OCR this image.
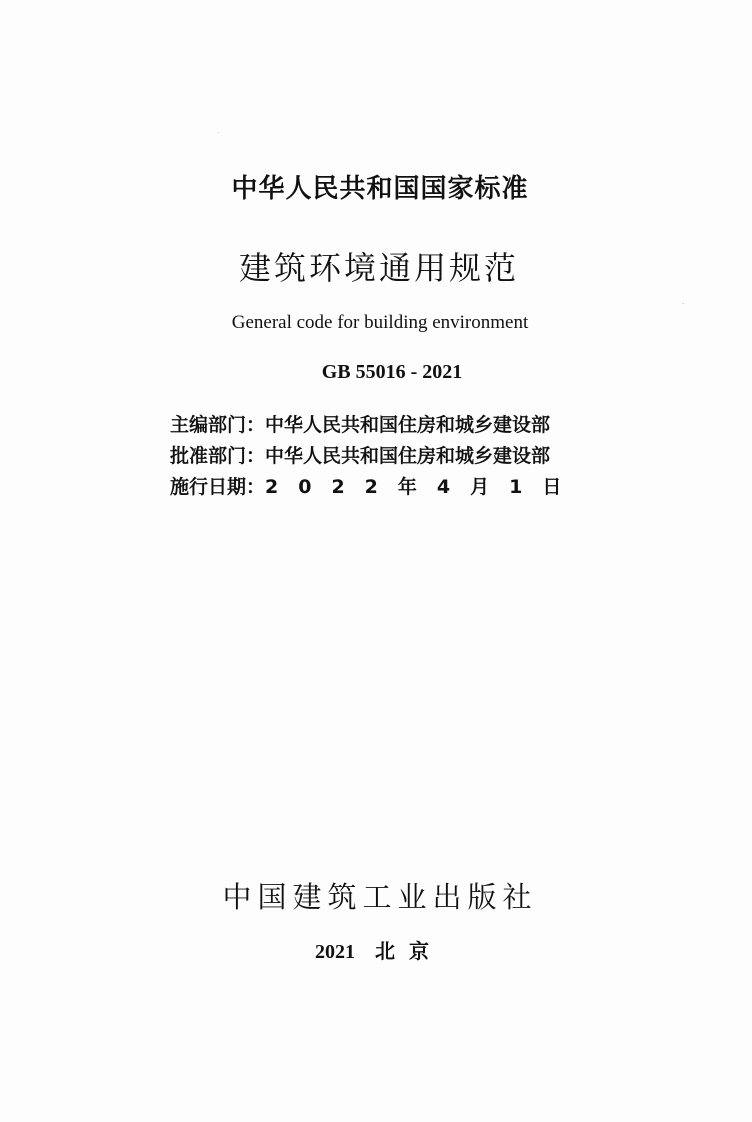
中华人民共和国国家标准
建筑环境通用规范
General code for building environment
GB 55016 - 2021
主编部门：中华人民共和国住房和城乡建设部
批准部门：中华人民共和国住房和城乡建设部
施行日期：2022年4月1日
中国建筑工业出版社
2021 北京
